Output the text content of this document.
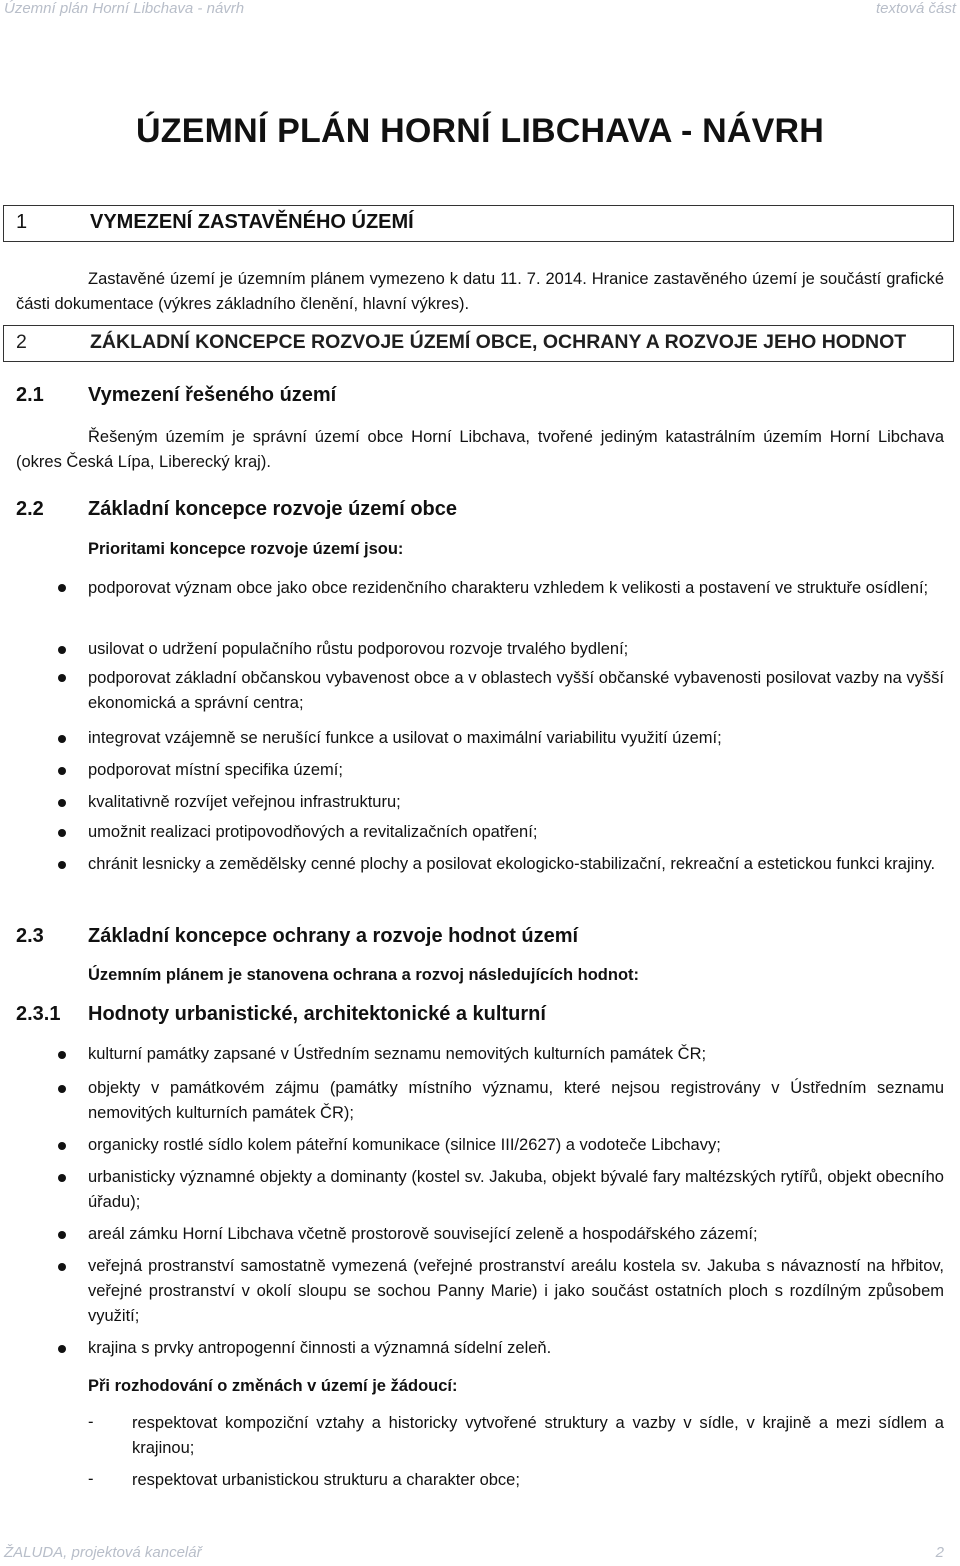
Územní plán Horní Libchava - návrh	textová část
ÚZEMNÍ PLÁN HORNÍ LIBCHAVA - NÁVRH
1	VYMEZENÍ ZASTAVĚNÉHO ÚZEMÍ
Zastavěné území je územním plánem vymezeno k datu 11. 7. 2014. Hranice zastavěného území je součástí grafické části dokumentace (výkres základního členění, hlavní výkres).
2	ZÁKLADNÍ KONCEPCE ROZVOJE ÚZEMÍ OBCE, OCHRANY A ROZVOJE JEHO HODNOT
2.1 Vymezení řešeného území
Řešeným územím je správní území obce Horní Libchava, tvořené jediným katastrálním územím Horní Libchava (okres Česká Lípa, Liberecký kraj).
2.2 Základní koncepce rozvoje území obce
Prioritami koncepce rozvoje území jsou:
podporovat význam obce jako obce rezidenčního charakteru vzhledem k velikosti a postavení ve struktuře osídlení;
usilovat o udržení populačního růstu podporovou rozvoje trvalého bydlení;
podporovat základní občanskou vybavenost obce a v oblastech vyšší občanské vybavenosti posilovat vazby na vyšší ekonomická a správní centra;
integrovat vzájemně se nerušící funkce a usilovat o maximální variabilitu využití území;
podporovat místní specifika území;
kvalitativně rozvíjet veřejnou infrastrukturu;
umožnit realizaci protipovodňových a revitalizačních opatření;
chránit lesnicky a zemědělsky cenné plochy a posilovat ekologicko-stabilizační, rekreační a estetickou funkci krajiny.
2.3 Základní koncepce ochrany a rozvoje hodnot území
Územním plánem je stanovena ochrana a rozvoj následujících hodnot:
2.3.1 Hodnoty urbanistické, architektonické a kulturní
kulturní památky zapsané v Ústředním seznamu nemovitých kulturních památek ČR;
objekty v památkovém zájmu (památky místního významu, které nejsou registrovány v Ústředním seznamu nemovitých kulturních památek ČR);
organicky rostlé sídlo kolem páteřní komunikace (silnice III/2627) a vodoteče Libchavy;
urbanisticky významné objekty a dominanty (kostel sv. Jakuba, objekt bývalé fary maltézských rytířů, objekt obecního úřadu);
areál zámku Horní Libchava včetně prostorově související zeleně a hospodářského zázemí;
veřejná prostranství samostatně vymezená (veřejné prostranství areálu kostela sv. Jakuba s návazností na hřbitov, veřejné prostranství v okolí sloupu se sochou Panny Marie) i jako součást ostatních ploch s rozdílným způsobem využití;
krajina s prvky antropogenní činnosti a významná sídelní zeleň.
Při rozhodování o změnách v území je žádoucí:
- respektovat kompoziční vztahy a historicky vytvořené struktury a vazby v sídle, v krajině a mezi sídlem a krajinou;
- respektovat urbanistickou strukturu a charakter obce;
ŽALUDA, projektová kancelář	2
